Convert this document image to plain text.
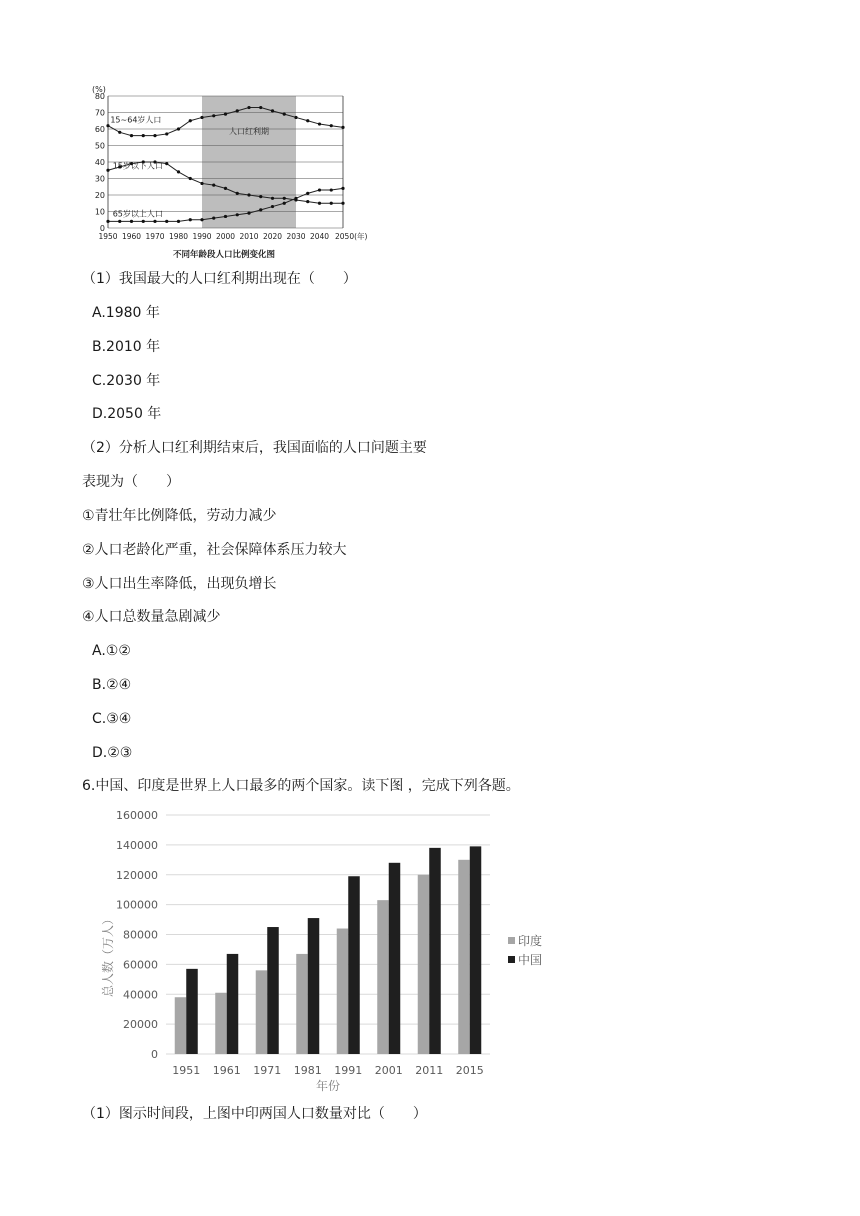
(%)
人口红利期
0
10
20
30
40
50
60
70
80
1950 1960 1970 1980 1990 2000 2010 2020 2030 2040 2050(年)
15~64岁人口
15岁以下人口
65岁以上人口
不同年龄段人口比例变化图
（1）我国最大的人口红利期出现在（　　）
A.1980 年
B.2010 年
C.2030 年
D.2050 年
（2）分析人口红利期结束后，我国面临的人口问题主要
表现为（　　）
①青壮年比例降低，劳动力减少
②人口老龄化严重，社会保障体系压力较大
③人口出生率降低，出现负增长
④人口总数量急剧减少
A.①②
B.②④
C.③④
D.②③
6.中国、印度是世界上人口最多的两个国家。读下图 ，完成下列各题。
0
20000
40000
60000
80000
100000
120000
140000
160000
1951 1961 1971 1981 1991 2001 2011 2015
总人数（万人）
年份
印度
中国
（1）图示时间段，上图中印两国人口数量对比（　　）
